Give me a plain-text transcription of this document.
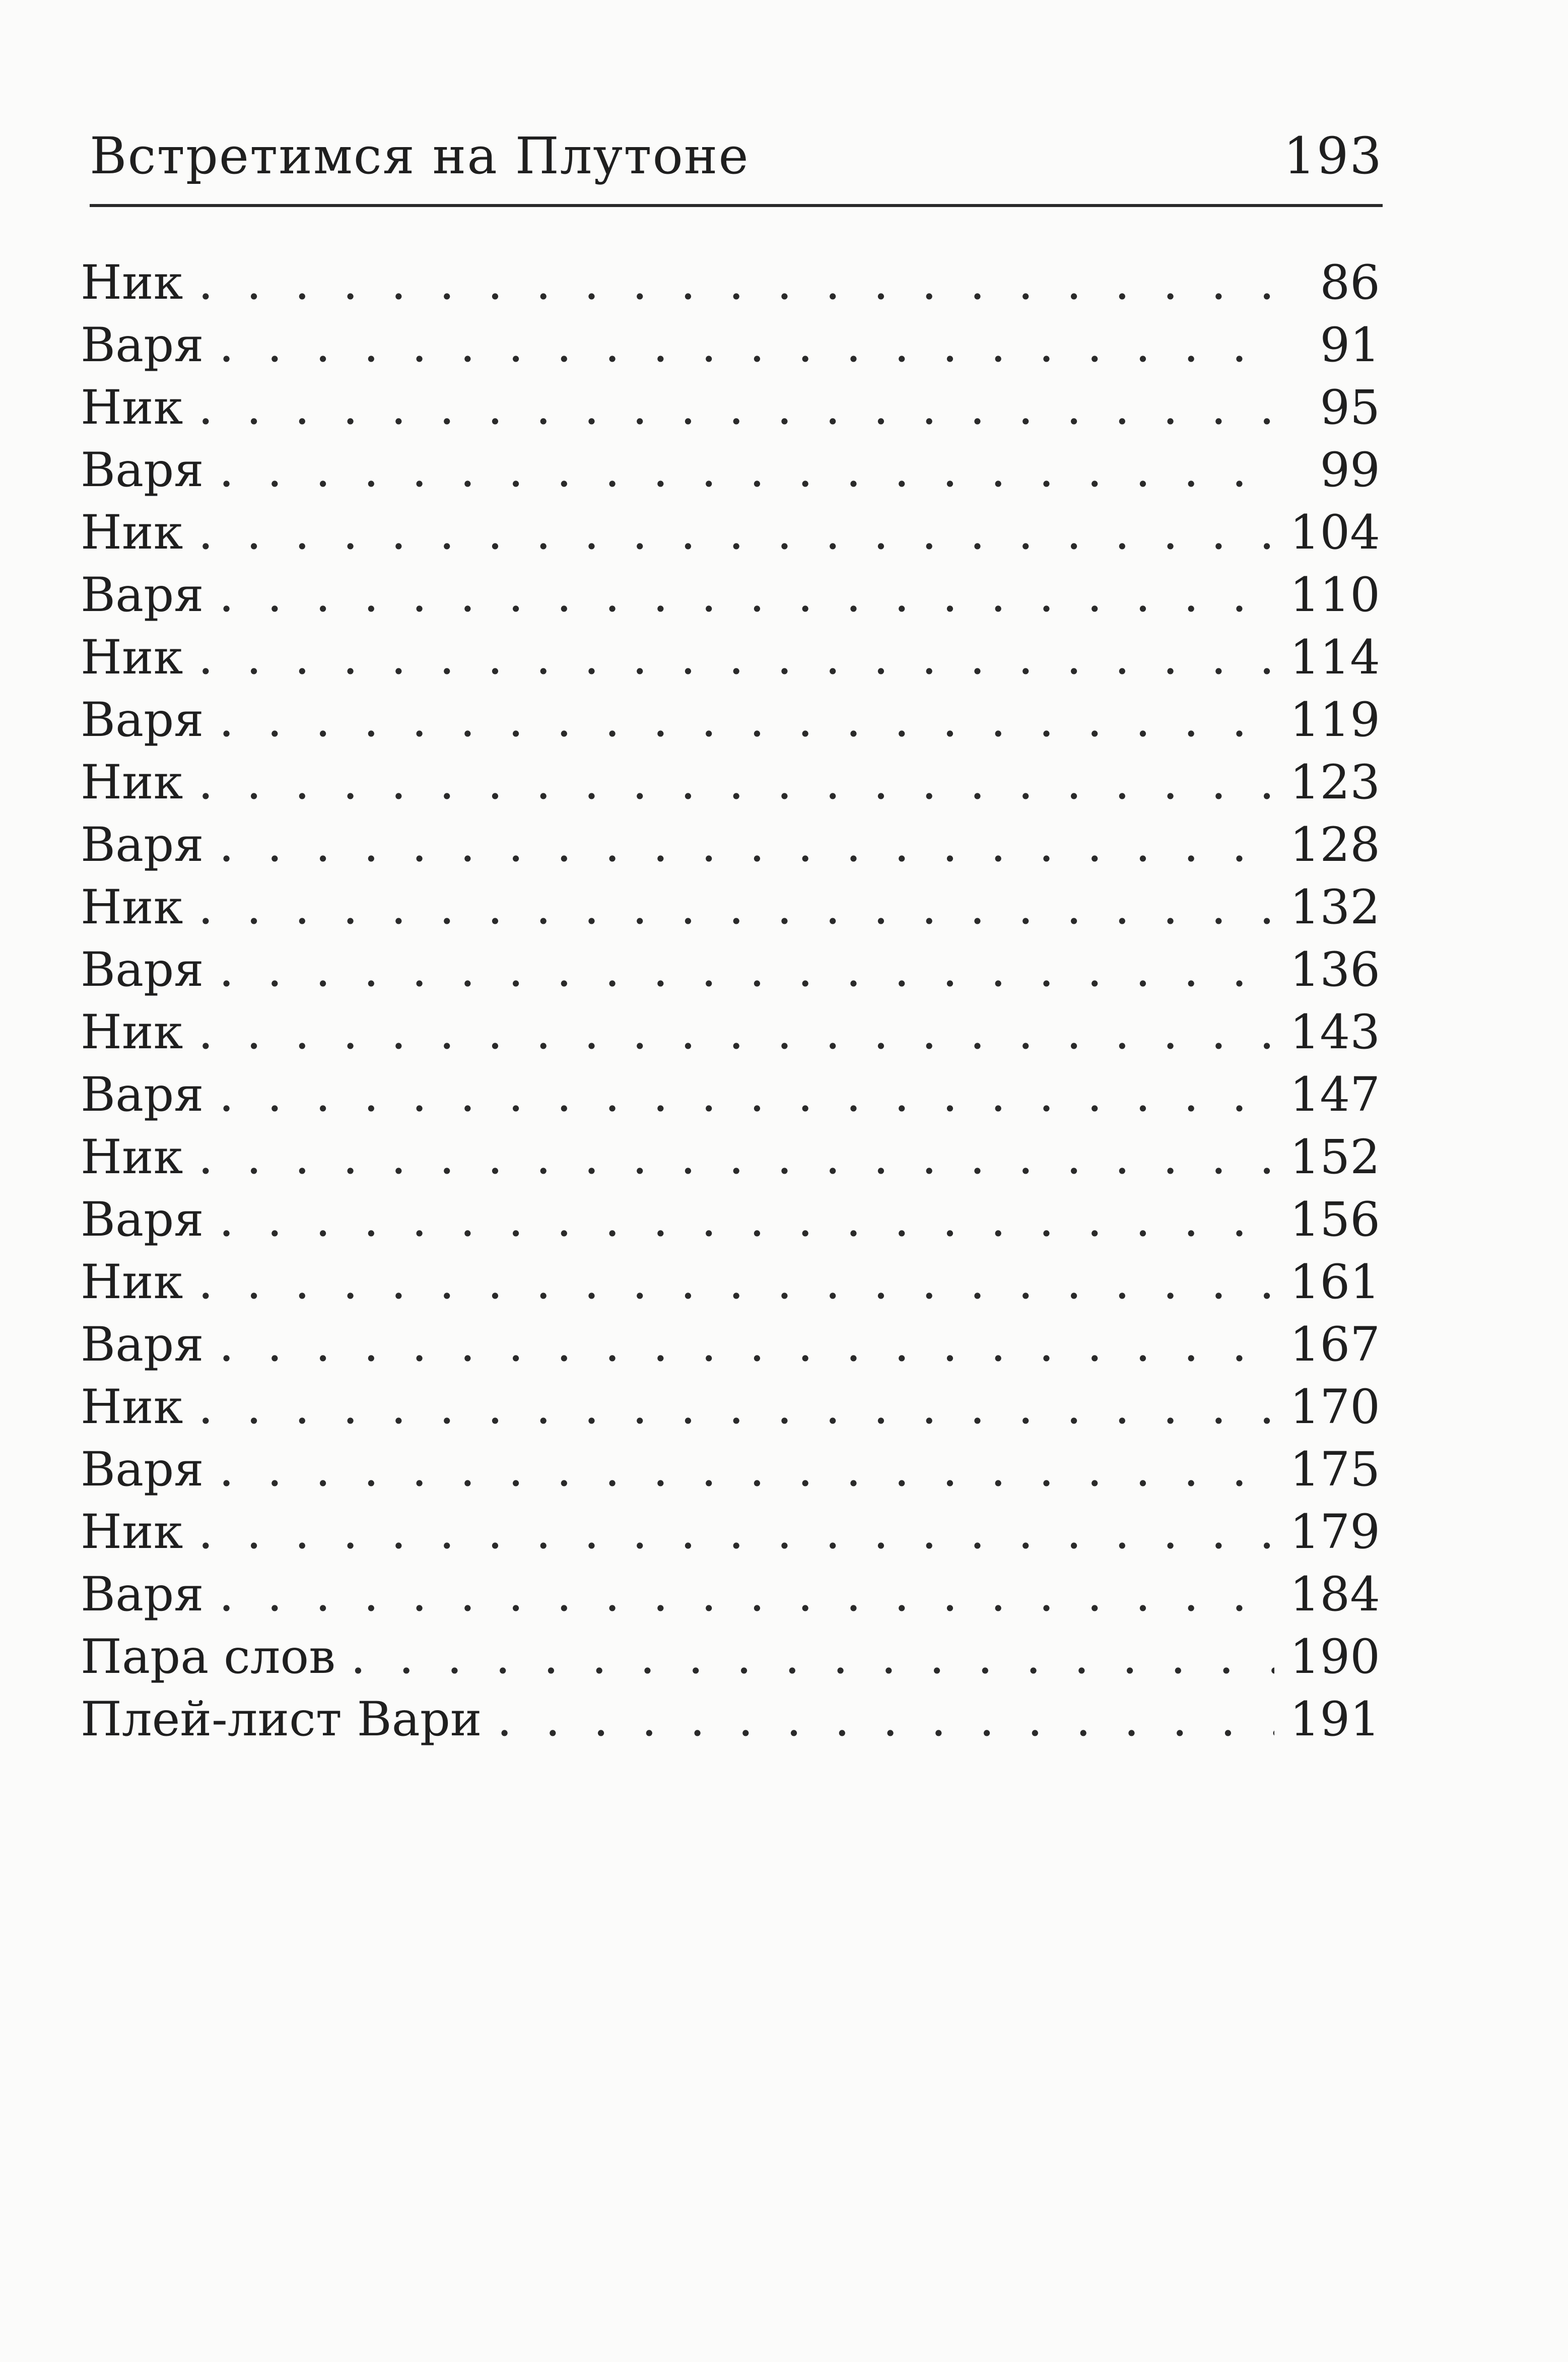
Встретимся на Плутоне	193
Ник . . .	86
Варя . . .	91
Ник . . .	95
Варя . . .	99
Ник . . .	104
Варя . . .	110
Ник . . .	114
Варя . . .	119
Ник . . .	123
Варя . . .	128
Ник . . .	132
Варя . . .	136
Ник . . .	143
Варя . . .	147
Ник . . .	152
Варя . . .	156
Ник . . .	161
Варя . . .	167
Ник . . .	170
Варя . . .	175
Ник . . .	179
Варя . . .	184
Пара слов . . .	190
Плей-лист Вари . . .	191
